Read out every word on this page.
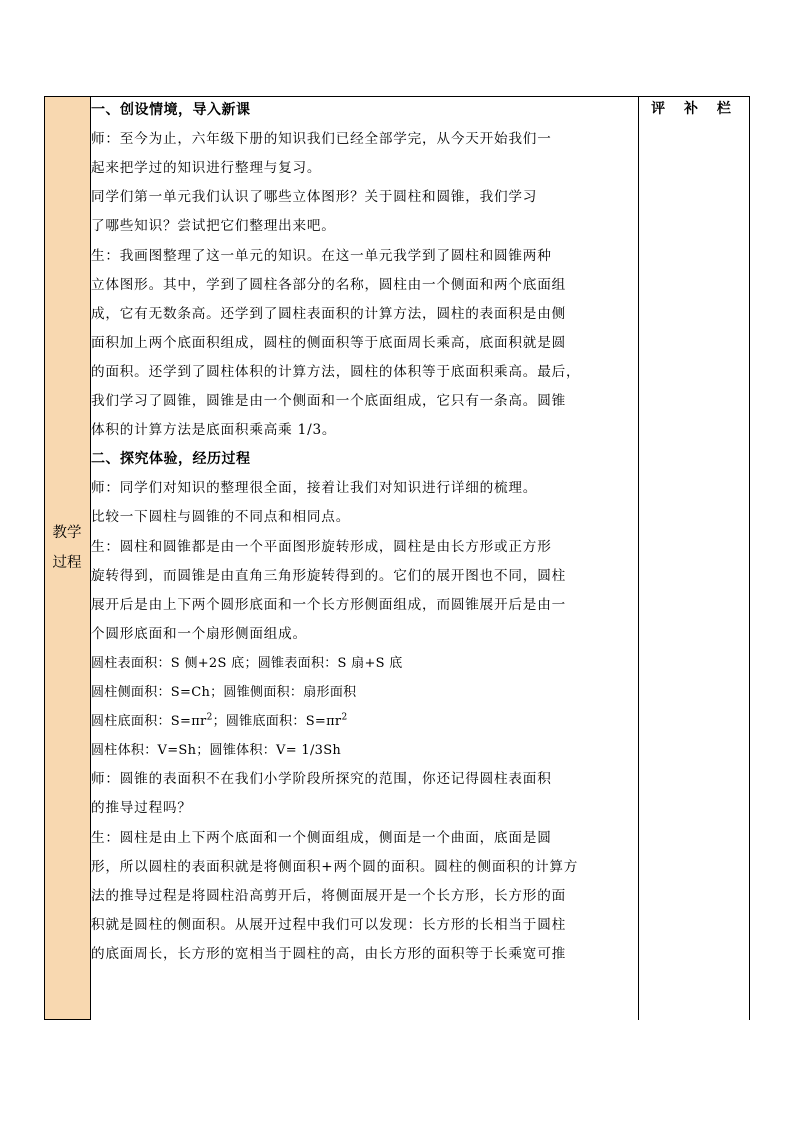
教学
过程
评 补 栏
一、创设情境，导入新课
师：至今为止，六年级下册的知识我们已经全部学完，从今天开始我们一
起来把学过的知识进行整理与复习。
同学们第一单元我们认识了哪些立体图形？关于圆柱和圆锥，我们学习
了哪些知识？尝试把它们整理出来吧。
生：我画图整理了这一单元的知识。在这一单元我学到了圆柱和圆锥两种
立体图形。其中，学到了圆柱各部分的名称，圆柱由一个侧面和两个底面组
成，它有无数条高。还学到了圆柱表面积的计算方法，圆柱的表面积是由侧
面积加上两个底面积组成，圆柱的侧面积等于底面周长乘高，底面积就是圆
的面积。还学到了圆柱体积的计算方法，圆柱的体积等于底面积乘高。最后，
我们学习了圆锥，圆锥是由一个侧面和一个底面组成，它只有一条高。圆锥
体积的计算方法是底面积乘高乘 1/3。
二、探究体验，经历过程
师：同学们对知识的整理很全面，接着让我们对知识进行详细的梳理。
比较一下圆柱与圆锥的不同点和相同点。
生：圆柱和圆锥都是由一个平面图形旋转形成，圆柱是由长方形或正方形
旋转得到，而圆锥是由直角三角形旋转得到的。它们的展开图也不同，圆柱
展开后是由上下两个圆形底面和一个长方形侧面组成，而圆锥展开后是由一
个圆形底面和一个扇形侧面组成。
圆柱表面积：S 侧+2S 底；圆锥表面积：S 扇+S 底
圆柱侧面积：S=Ch；圆锥侧面积：扇形面积
圆柱底面积：$S=\pi r^2$；圆锥底面积：$S=\pi r^2$
圆柱体积：V=Sh；圆锥体积：V= 1/3Sh
师：圆锥的表面积不在我们小学阶段所探究的范围，你还记得圆柱表面积
的推导过程吗？
生：圆柱是由上下两个底面和一个侧面组成，侧面是一个曲面，底面是圆
形，所以圆柱的表面积就是将侧面积+两个圆的面积。圆柱的侧面积的计算方
法的推导过程是将圆柱沿高剪开后，将侧面展开是一个长方形，长方形的面
积就是圆柱的侧面积。从展开过程中我们可以发现：长方形的长相当于圆柱
的底面周长，长方形的宽相当于圆柱的高，由长方形的面积等于长乘宽可推
